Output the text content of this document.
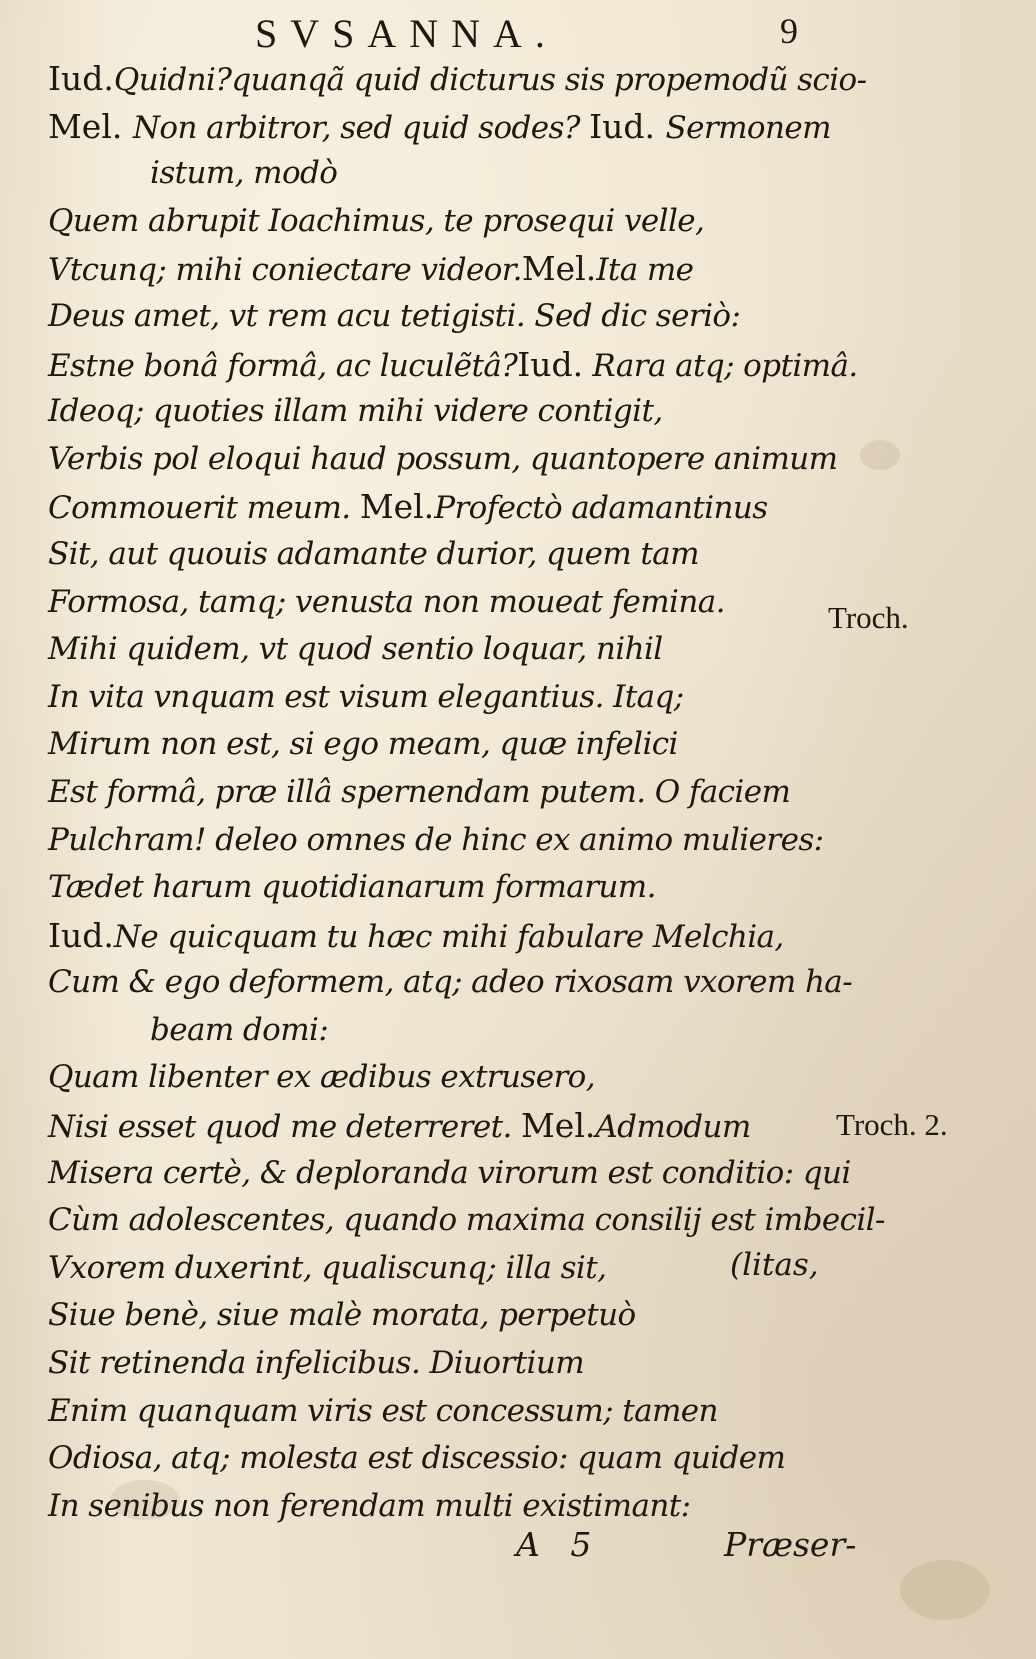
SVSANNA.	9
Iud.Quidni?quanqã quid dicturus sis propemodũ scio-
Mel. Non arbitror, sed quid sodes? Iud. Sermonem
istum, modò
Quem abrupit Ioachimus, te prosequi velle,
Vtcunq; mihi coniectare videor.Mel.Ita me
Deus amet, vt rem acu tetigisti. Sed dic seriò:
Estne bonâ formâ, ac luculẽtâ?Iud. Rara atq; optimâ.
Ideoq; quoties illam mihi videre contigit,
Verbis pol eloqui haud possum, quantopere animum
Commouerit meum. Mel.Profectò adamantinus
Sit, aut quouis adamante durior, quem tam
Formosa, tamq; venusta non moueat femina.
Mihi quidem, vt quod sentio loquar, nihil
In vita vnquam est visum elegantius. Itaq;
Mirum non est, si ego meam, quæ infelici
Est formâ, præ illâ spernendam putem. O faciem
Pulchram! deleo omnes de hinc ex animo mulieres:
Tædet harum quotidianarum formarum.
Iud.Ne quicquam tu hæc mihi fabulare Melchia,
Cum & ego deformem, atq; adeo rixosam vxorem ha-
beam domi:
Quam libenter ex ædibus extrusero,
Nisi esset quod me deterreret. Mel.Admodum
Misera certè, & deploranda virorum est conditio: qui
Cùm adolescentes, quando maxima consilij est imbecil-
Vxorem duxerint, qualiscunq; illa sit,
Siue benè, siue malè morata, perpetuò
Sit retinenda infelicibus. Diuortium
Enim quanquam viris est concessum; tamen
Odiosa, atq; molesta est discessio: quam quidem
In senibus non ferendam multi existimant:
(litas,
Troch.
Troch. 2.
A 5	Præser-
